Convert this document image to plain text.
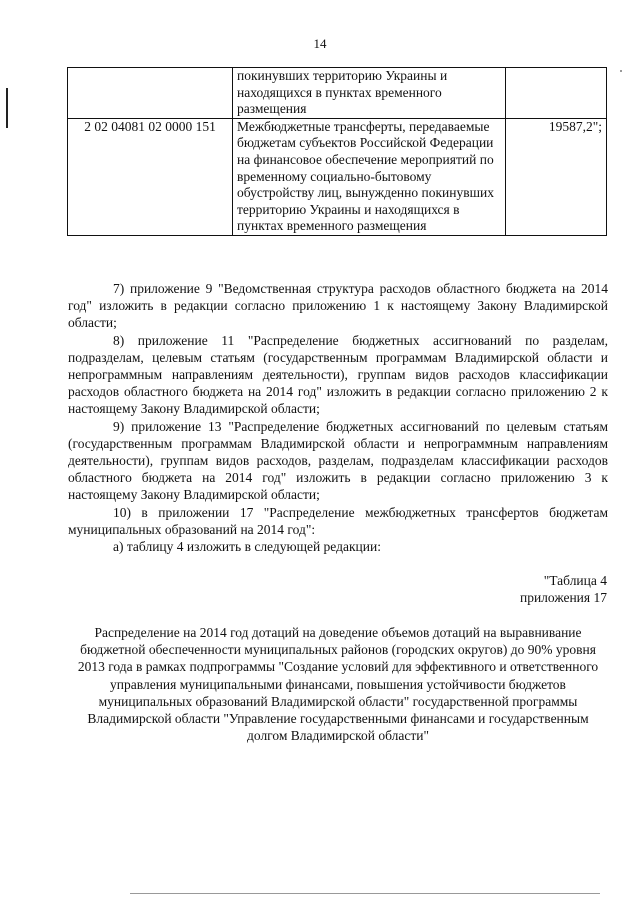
14
	покинувших территорию Украины и находящихся в пунктах временного размещения	
2 02 04081 02 0000 151	Межбюджетные трансферты, передаваемые бюджетам субъектов Российской Федерации на финансовое обеспечение мероприятий по временному социально-бытовому обустройству лиц, вынужденно покинувших территорию Украины и находящихся в пунктах временного размещения	19587,2";

7) приложение 9 "Ведомственная структура расходов областного бюджета на 2014 год" изложить в редакции согласно приложению 1 к настоящему Закону Владимирской области;

8) приложение 11 "Распределение бюджетных ассигнований по разделам, подразделам, целевым статьям (государственным программам Владимирской области и непрограммным направлениям деятельности), группам видов расходов классификации расходов областного бюджета на 2014 год" изложить в редакции согласно приложению 2 к настоящему Закону Владимирской области;

9) приложение 13 "Распределение бюджетных ассигнований по целевым статьям (государственным программам Владимирской области и непрограммным направлениям деятельности), группам видов расходов, разделам, подразделам классификации расходов областного бюджета на 2014 год" изложить в редакции согласно приложению 3 к настоящему Закону Владимирской области;

10) в приложении 17 "Распределение межбюджетных трансфертов бюджетам муниципальных образований на 2014 год":

а) таблицу 4 изложить в следующей редакции:

"Таблица 4
приложения 17
Распределение на 2014 год дотаций на доведение объемов дотаций на выравнивание бюджетной обеспеченности муниципальных районов (городских округов) до 90% уровня 2013 года в рамках подпрограммы "Создание условий для эффективного и ответственного управления муниципальными финансами, повышения устойчивости бюджетов муниципальных образований Владимирской области" государственной программы Владимирской области "Управление государственными финансами и государственным долгом Владимирской области"
